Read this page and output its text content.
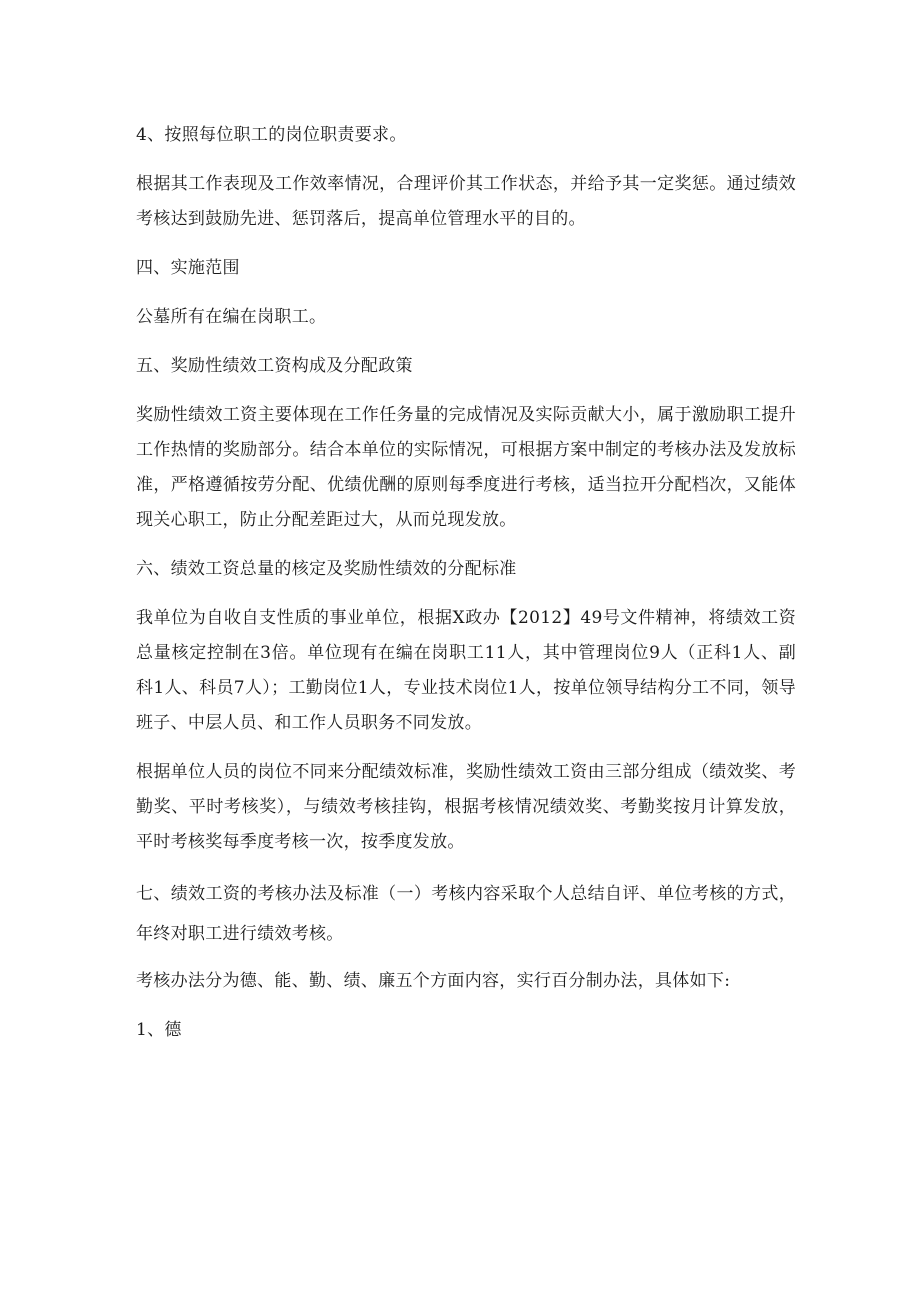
4、按照每位职工的岗位职责要求。

根据其工作表现及工作效率情况，合理评价其工作状态，并给予其一定奖惩。通过绩效考核达到鼓励先进、惩罚落后，提高单位管理水平的目的。

四、实施范围

公墓所有在编在岗职工。

五、奖励性绩效工资构成及分配政策

奖励性绩效工资主要体现在工作任务量的完成情况及实际贡献大小，属于激励职工提升工作热情的奖励部分。结合本单位的实际情况，可根据方案中制定的考核办法及发放标准，严格遵循按劳分配、优绩优酬的原则每季度进行考核，适当拉开分配档次，又能体现关心职工，防止分配差距过大，从而兑现发放。

六、绩效工资总量的核定及奖励性绩效的分配标准

我单位为自收自支性质的事业单位，根据X政办【2012】49号文件精神，将绩效工资总量核定控制在3倍。单位现有在编在岗职工11人，其中管理岗位9人（正科1人、副科1人、科员7人）；工勤岗位1人，专业技术岗位1人，按单位领导结构分工不同，领导班子、中层人员、和工作人员职务不同发放。

根据单位人员的岗位不同来分配绩效标准，奖励性绩效工资由三部分组成（绩效奖、考勤奖、平时考核奖），与绩效考核挂钩，根据考核情况绩效奖、考勤奖按月计算发放，平时考核奖每季度考核一次，按季度发放。

七、绩效工资的考核办法及标准（一）考核内容采取个人总结自评、单位考核的方式，年终对职工进行绩效考核。

考核办法分为德、能、勤、绩、廉五个方面内容，实行百分制办法，具体如下:

1、德
